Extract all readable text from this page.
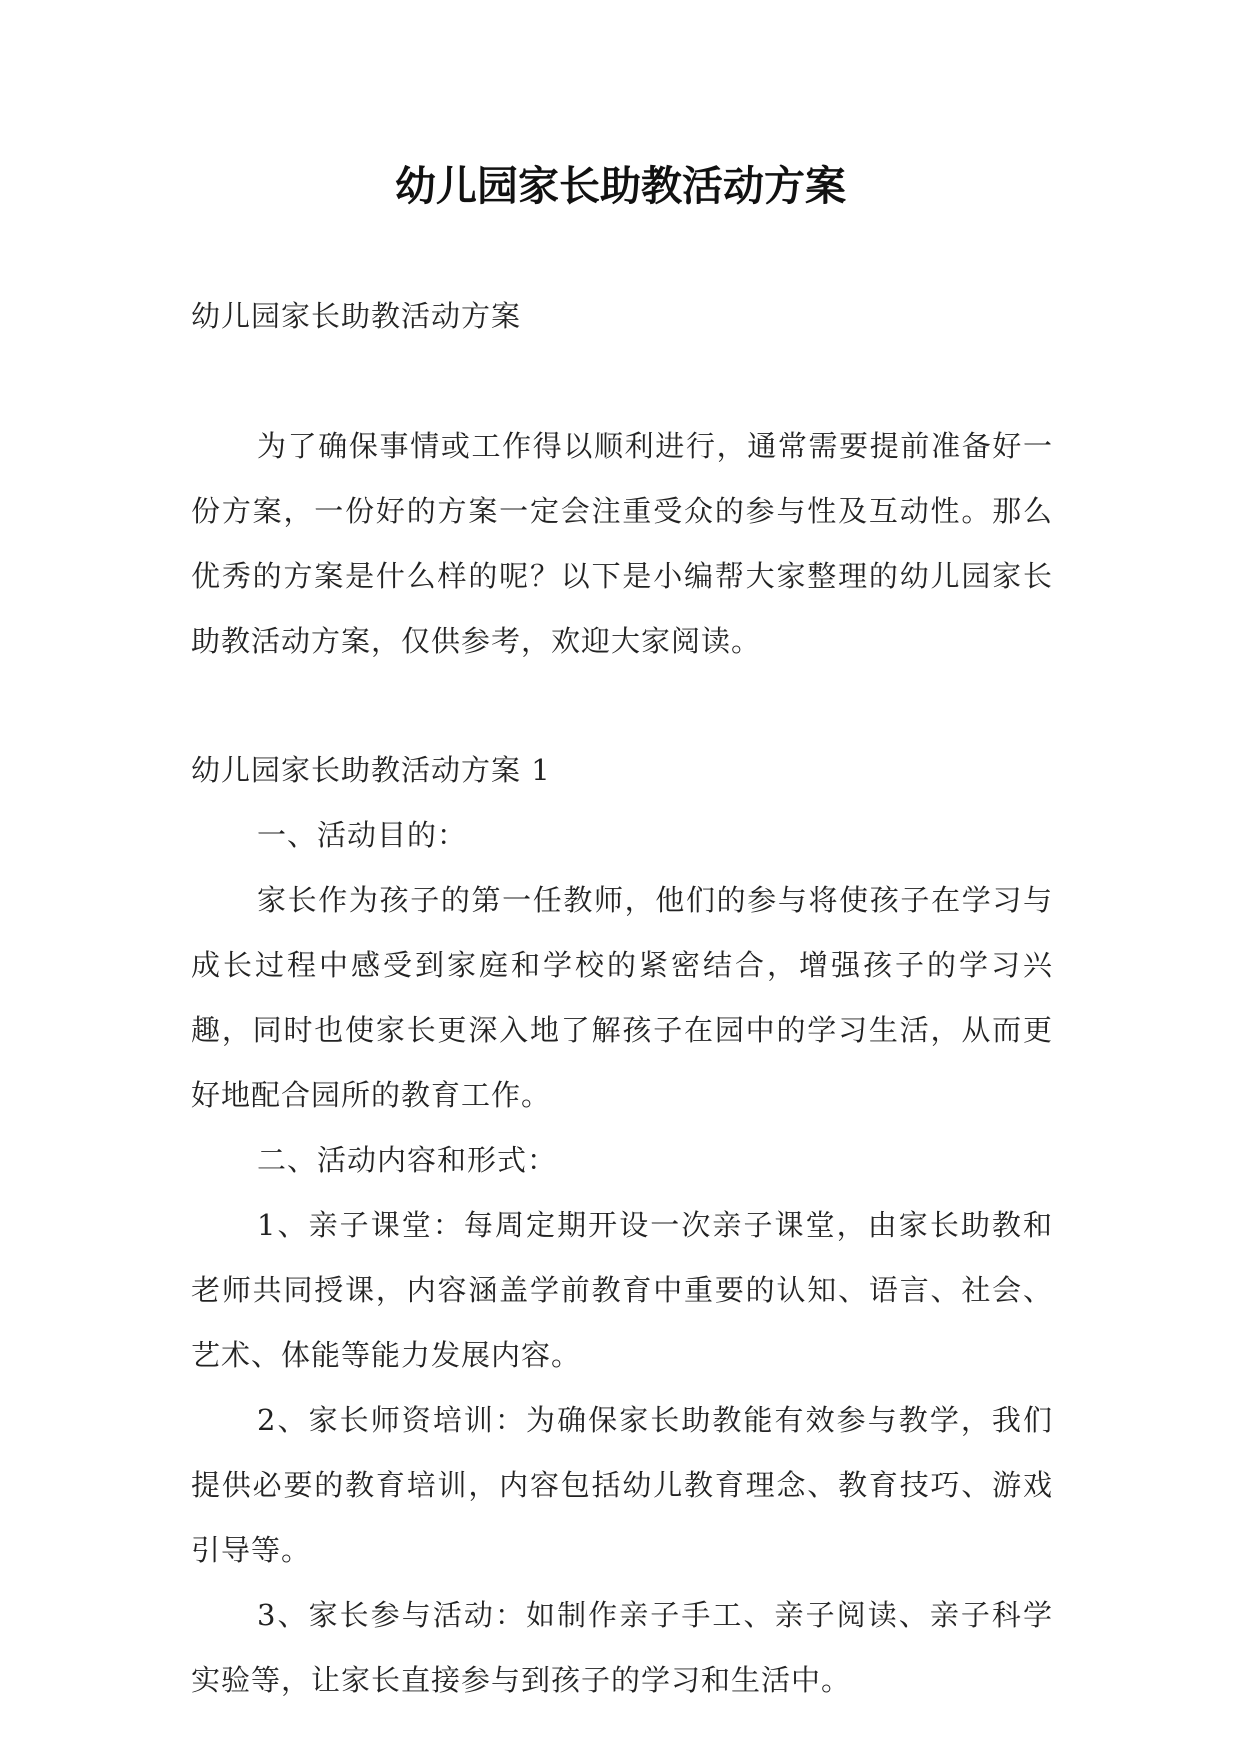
幼儿园家长助教活动方案

幼儿园家长助教活动方案

为了确保事情或工作得以顺利进行，通常需要提前准备好一份方案，一份好的方案一定会注重受众的参与性及互动性。那么优秀的方案是什么样的呢？以下是小编帮大家整理的幼儿园家长助教活动方案，仅供参考，欢迎大家阅读。

幼儿园家长助教活动方案 1

一、活动目的：

家长作为孩子的第一任教师，他们的参与将使孩子在学习与成长过程中感受到家庭和学校的紧密结合，增强孩子的学习兴趣，同时也使家长更深入地了解孩子在园中的学习生活，从而更好地配合园所的教育工作。

二、活动内容和形式：

1、亲子课堂：每周定期开设一次亲子课堂，由家长助教和老师共同授课，内容涵盖学前教育中重要的认知、语言、社会、艺术、体能等能力发展内容。

2、家长师资培训：为确保家长助教能有效参与教学，我们提供必要的教育培训，内容包括幼儿教育理念、教育技巧、游戏引导等。

3、家长参与活动：如制作亲子手工、亲子阅读、亲子科学实验等，让家长直接参与到孩子的学习和生活中。
